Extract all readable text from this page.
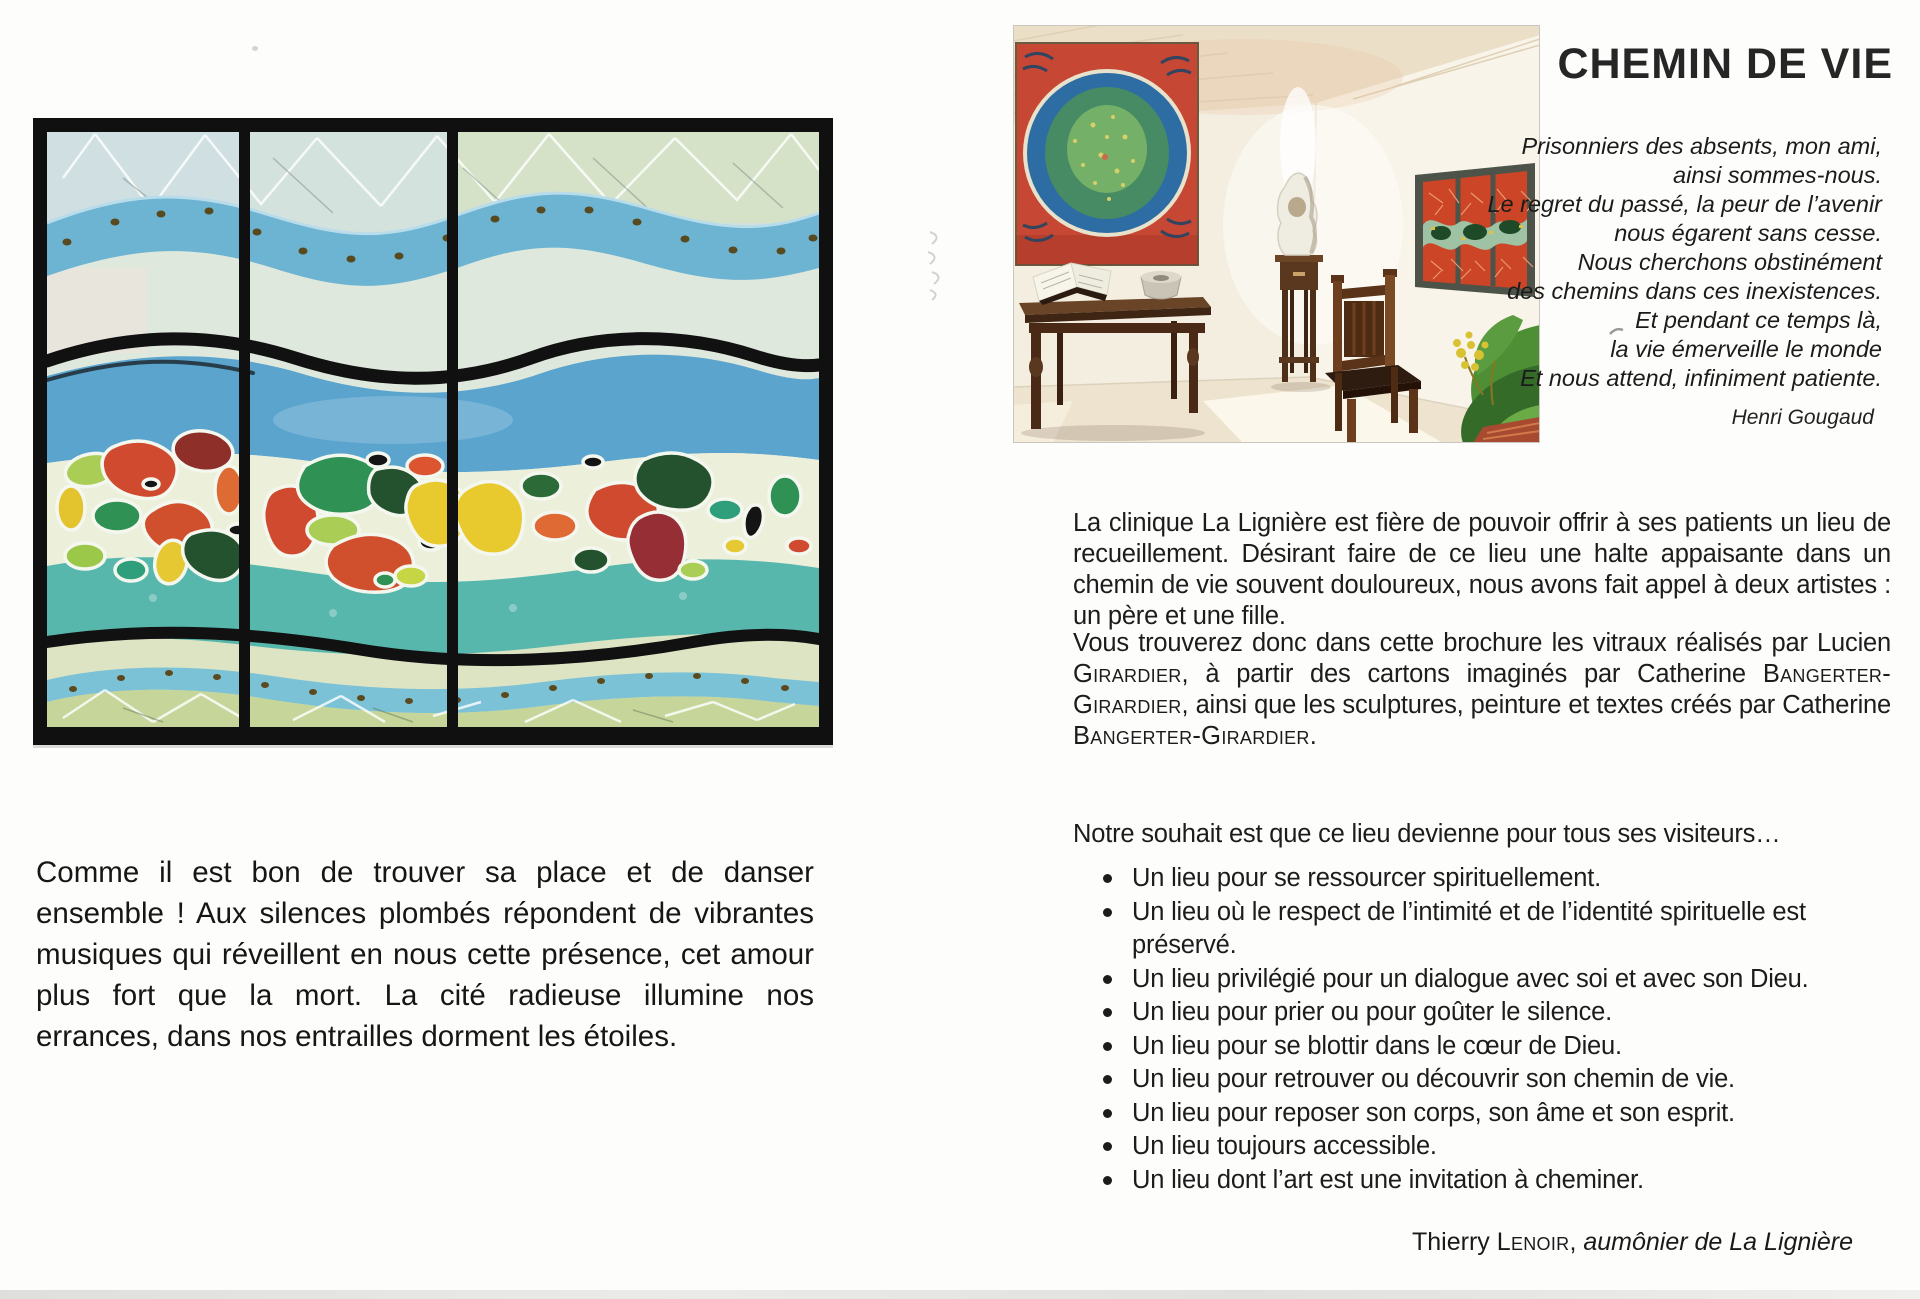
Comme il est bon de trouver sa place et de danser ensemble ! Aux silences plombés répondent de vibrantes musiques qui réveillent en nous cette présence, cet amour plus fort que la mort. La cité radieuse illumine nos errances, dans nos entrailles dorment les étoiles.

CHEMIN DE VIE
Prisonniers des absents, mon ami,
ainsi sommes-nous.
Le regret du passé, la peur de l’avenir
nous égarent sans cesse.
Nous cherchons obstinément
des chemins dans ces inexistences.
Et pendant ce temps là,
la vie émerveille le monde
Et nous attend, infiniment patiente.
Henri Gougaud

La clinique La Lignière est fière de pouvoir offrir à ses patients un lieu de recueillement. Désirant faire de ce lieu une halte appaisante dans un chemin de vie souvent douloureux, nous avons fait appel à deux artistes : un père et une fille.

Vous trouverez donc dans cette brochure les vitraux réalisés par Lucien Girardier, à partir des cartons imaginés par Catherine Bangerter-Girardier, ainsi que les sculptures, peinture et textes créés par Catherine Bangerter-Girardier.

Notre souhait est que ce lieu devienne pour tous ses visiteurs…

Un lieu pour se ressourcer spirituellement.
Un lieu où le respect de l’intimité et de l’identité spirituelle est préservé.
Un lieu privilégié pour un dialogue avec soi et avec son Dieu.
Un lieu pour prier ou pour goûter le silence.
Un lieu pour se blottir dans le cœur de Dieu.
Un lieu pour retrouver ou découvrir son chemin de vie.
Un lieu pour reposer son corps, son âme et son esprit.
Un lieu toujours accessible.
Un lieu dont l’art est une invitation à cheminer.

Thierry Lenoir, aumônier de La Lignière
